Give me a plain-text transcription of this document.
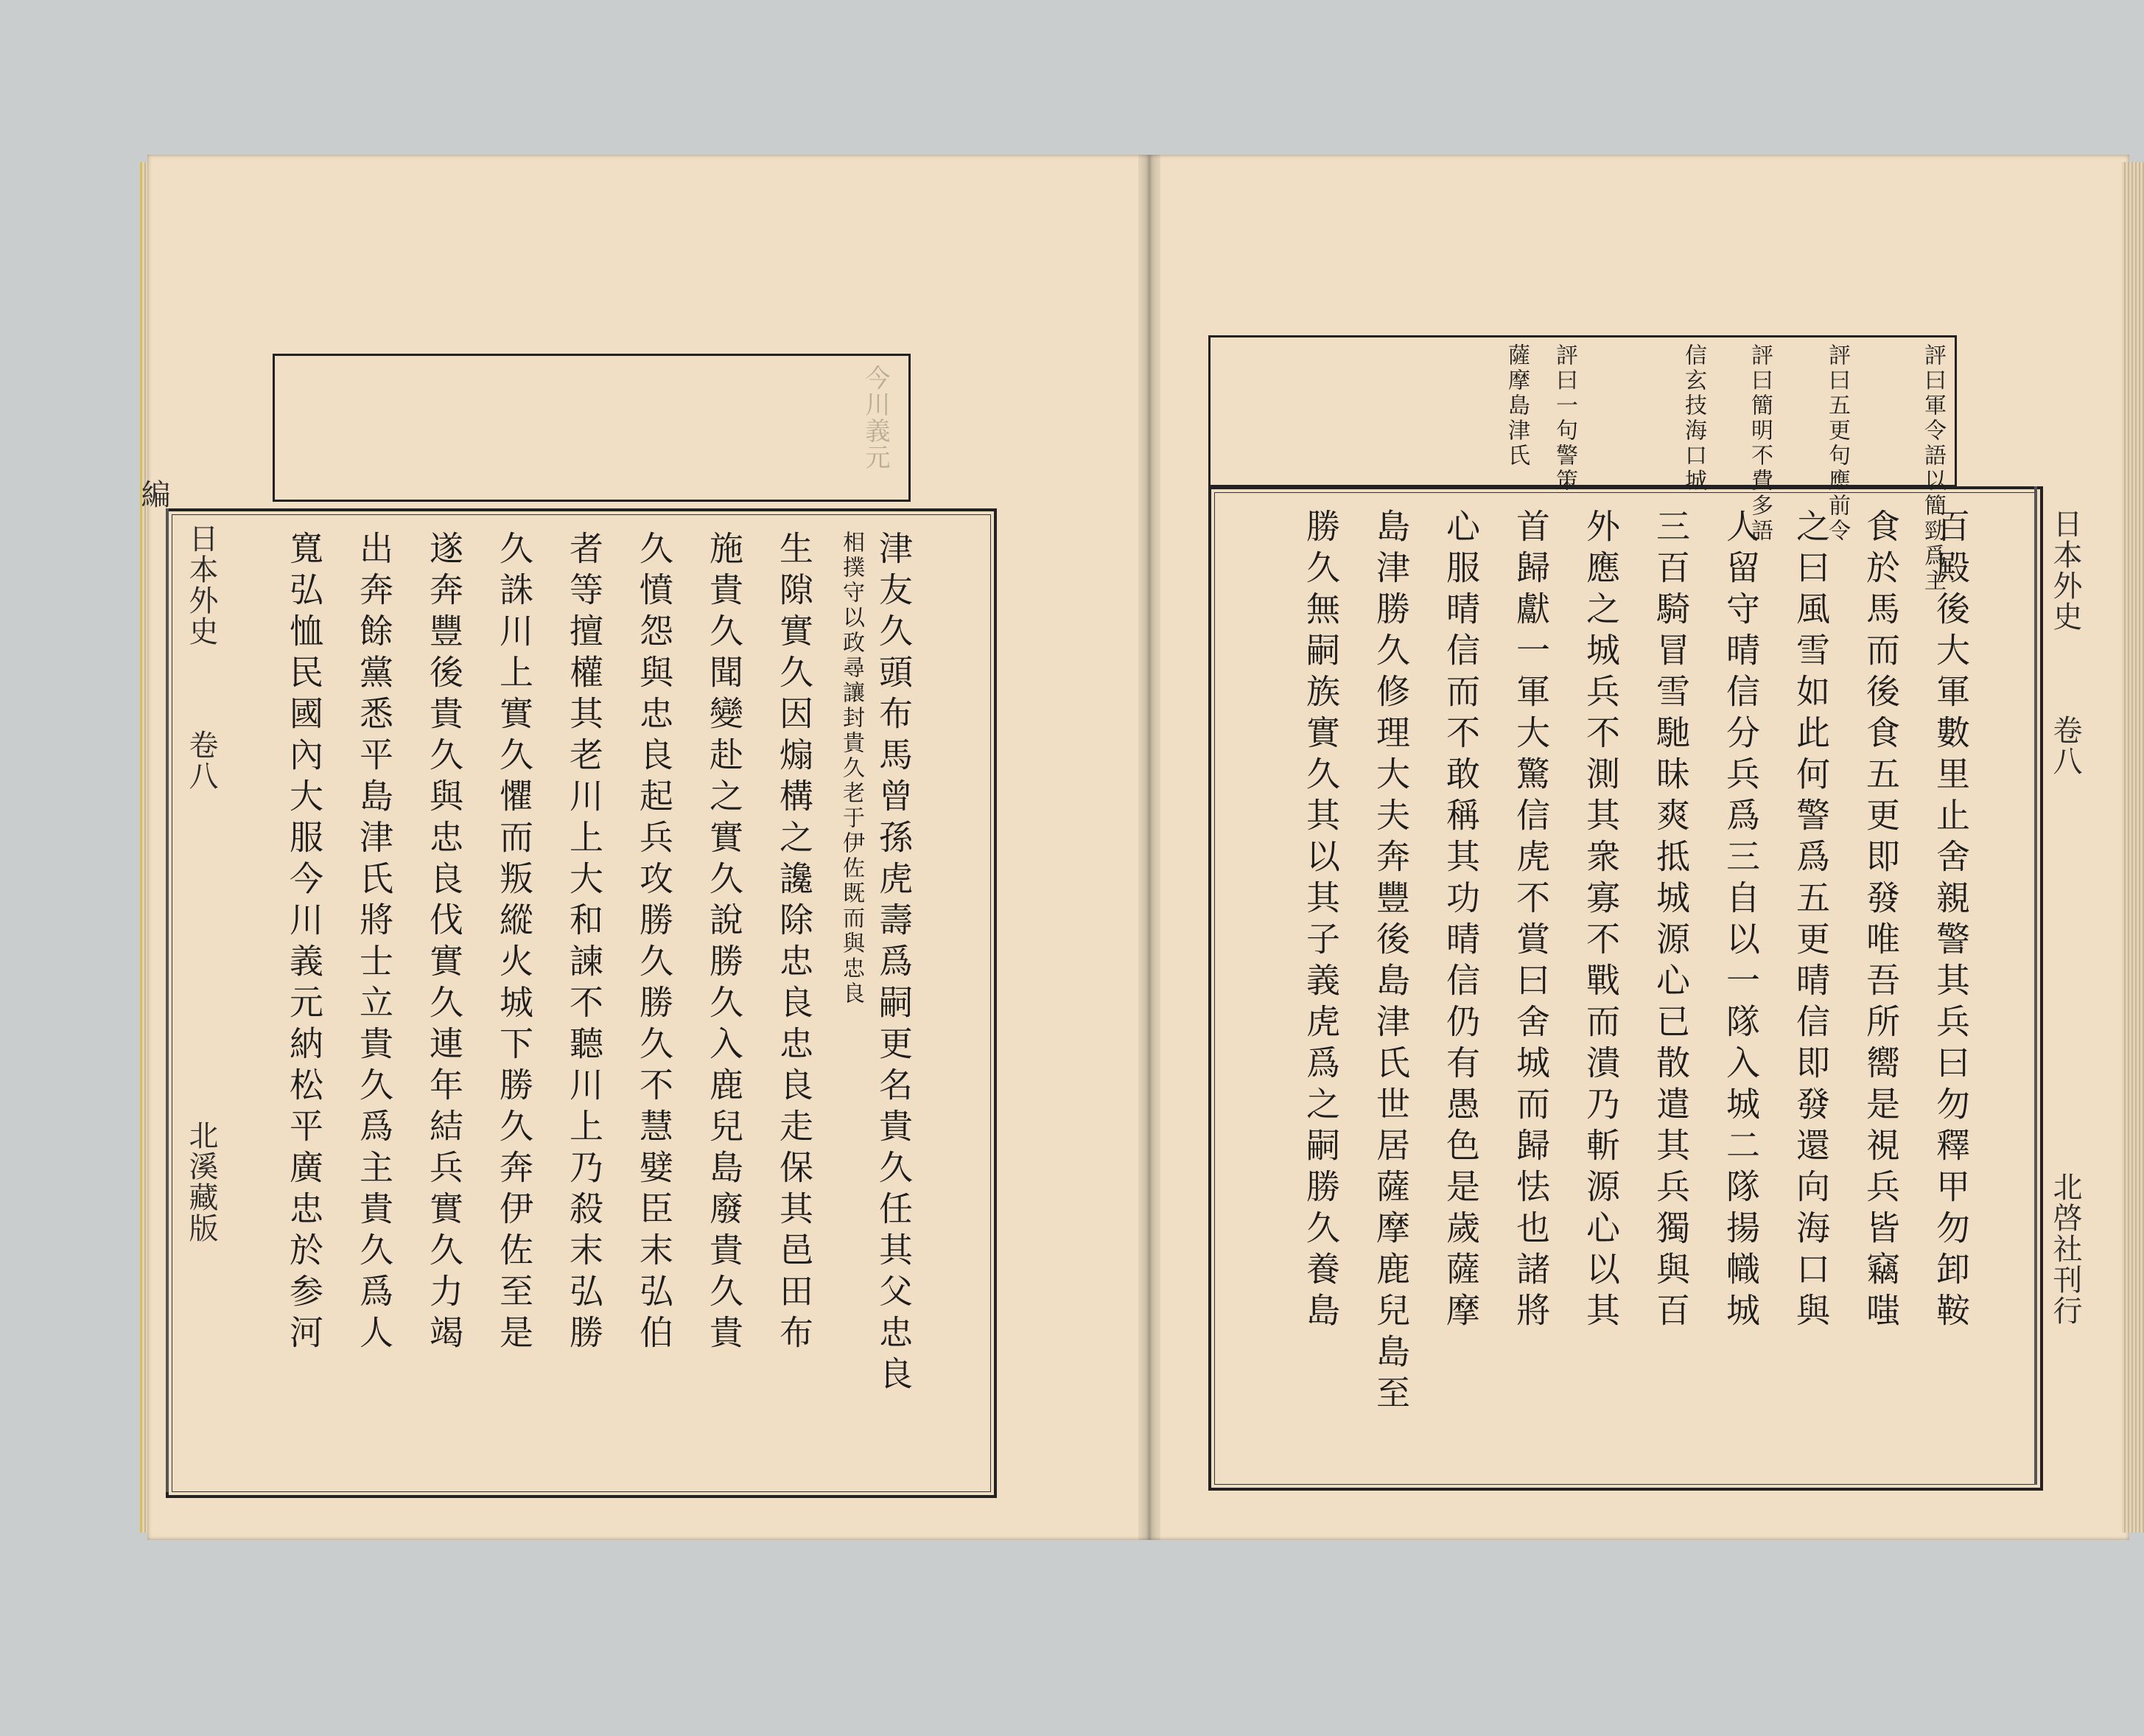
今川義元
津友久頭布馬曾孫虎壽爲嗣更名貴久任其父忠良
相撲守以政尋讓封貴久老于伊佐既而與忠良
生隙實久因煽構之讒除忠良忠良走保其邑田布
施貴久聞變赴之實久說勝久入鹿兒島廢貴久貴
久憤怨與忠良起兵攻勝久勝久不慧嬖臣末弘伯
者等擅權其老川上大和諫不聽川上乃殺末弘勝
久誅川上實久懼而叛縱火城下勝久奔伊佐至是
遂奔豐後貴久與忠良伐實久連年結兵實久力竭
出奔餘黨悉平島津氏將士立貴久爲主貴久爲人
寬弘恤民國內大服今川義元納松平廣忠於参河
日本外史
卷八
北溪藏版
編	評曰軍令語以簡勁爲主
評曰五更句應前令
評曰簡明不費多語
信玄技海口城
評曰一句警策
薩摩島津氏
百殿後大軍數里止舍親警其兵曰勿釋甲勿卸鞍
食於馬而後食五更即發唯吾所嚮是視兵皆竊嗤
之曰風雪如此何警爲五更晴信即發還向海口與
人留守晴信分兵爲三自以一隊入城二隊揚幟城
三百騎冒雪馳昧爽抵城源心已散遣其兵獨與百
外應之城兵不測其衆寡不戰而潰乃斬源心以其
首歸獻一軍大驚信虎不賞曰舍城而歸怯也諸將
心服晴信而不敢稱其功晴信仍有愚色是歲薩摩
島津勝久修理大夫奔豐後島津氏世居薩摩鹿兒島至
勝久無嗣族實久其以其子義虎爲之嗣勝久養島	日本外史
卷八
北啓社刊行
